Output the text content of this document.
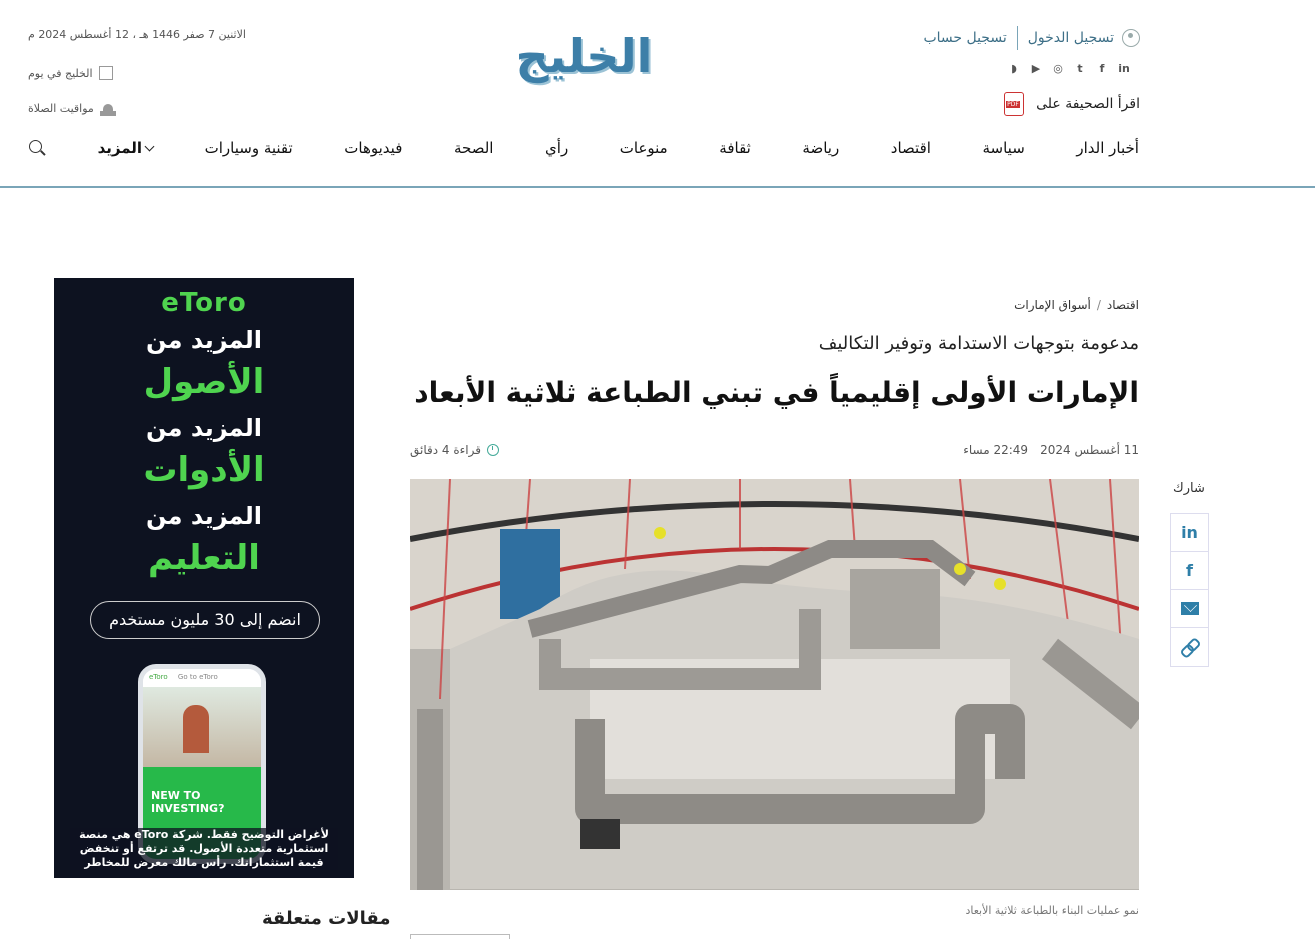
تسجيل الدخول
تسجيل حساب
in
f
t
◎
▶
◗
اقرأ الصحيفة على
PDF
الخليج
الاثنين 7 صفر 1446 هـ ، 12 أغسطس 2024 م
الخليج في يوم
مواقيت الصلاة
أخبار الدار
سياسة
اقتصاد
رياضة
ثقافة
منوعات
رأي
الصحة
فيديوهات
تقنية وسيارات
المزيد
اقتصاد/أسواق الإمارات
مدعومة بتوجهات الاستدامة وتوفير التكاليف
الإمارات الأولى إقليمياً في تبني الطباعة ثلاثية الأبعاد
11 أغسطس 2024
22:49 مساء
قراءة 4 دقائق
نمو عمليات البناء بالطباعة ثلاثية الأبعاد
شارك
in
f
eToro
المزيد من
الأصول
المزيد من
الأدوات
المزيد من
التعليم
انضم إلى 30 مليون مستخدم
eToro Go to eToro
NEW TO INVESTING?
لأغراض التوضيح فقط. شركة eToro هي منصة استثمارية متعددة الأصول. قد ترتفع أو تنخفض قيمة استثماراتك. رأس مالك معرض للمخاطر
مقالات متعلقة
